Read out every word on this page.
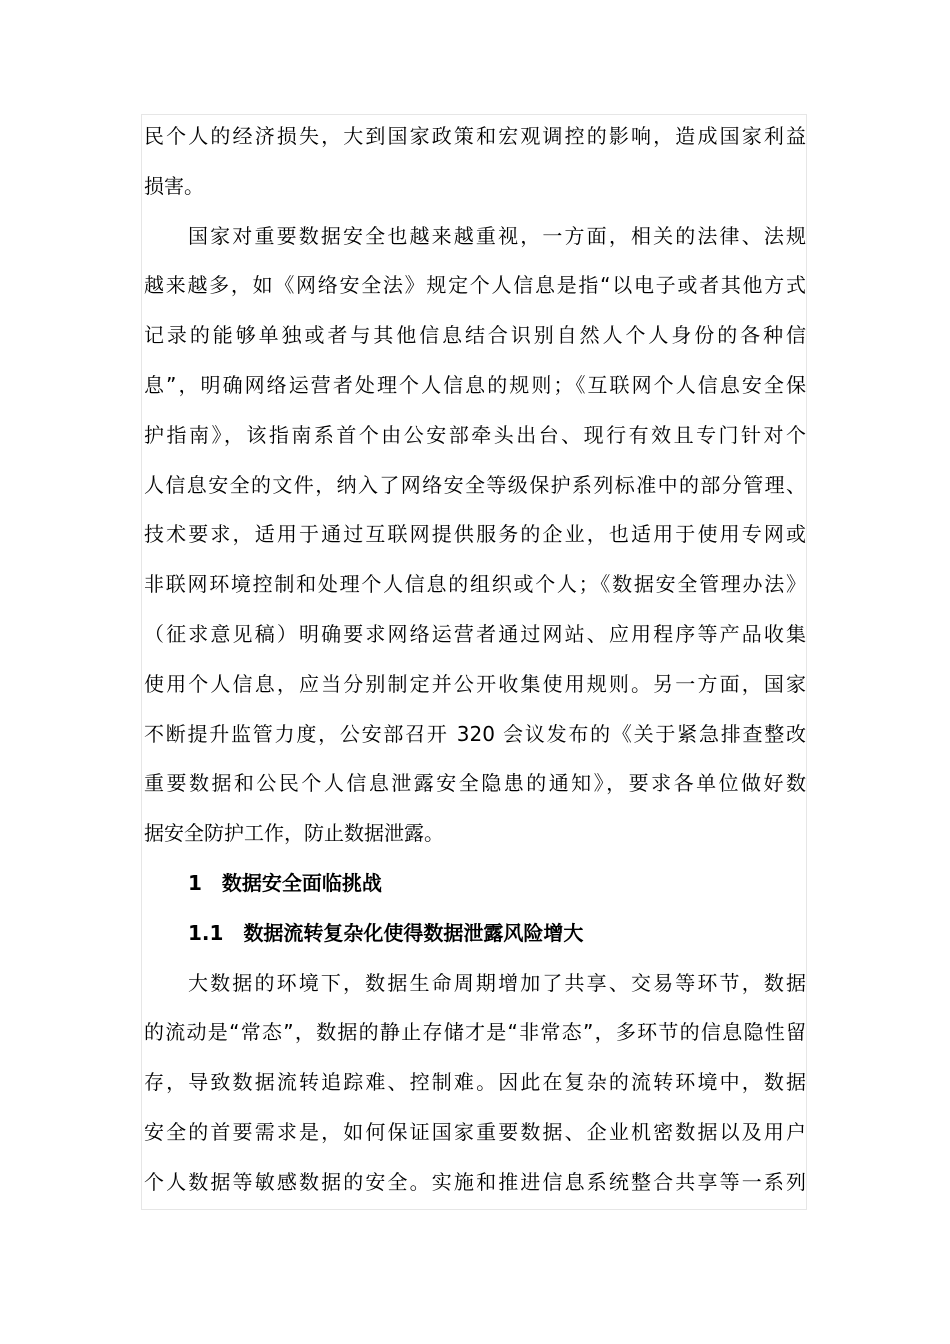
民个人的经济损失，大到国家政策和宏观调控的影响，造成国家利益
损害。
国家对重要数据安全也越来越重视，一方面，相关的法律、法规
越来越多，如《网络安全法》规定个人信息是指“以电子或者其他方式
记录的能够单独或者与其他信息结合识别自然人个人身份的各种信
息”，明确网络运营者处理个人信息的规则；《互联网个人信息安全保
护指南》，该指南系首个由公安部牵头出台、现行有效且专门针对个
人信息安全的文件，纳入了网络安全等级保护系列标准中的部分管理、
技术要求，适用于通过互联网提供服务的企业，也适用于使用专网或
非联网环境控制和处理个人信息的组织或个人；《数据安全管理办法》
（征求意见稿）明确要求网络运营者通过网站、应用程序等产品收集
使用个人信息，应当分别制定并公开收集使用规则。另一方面，国家
不断提升监管力度，公安部召开 320 会议发布的《关于紧急排查整改
重要数据和公民个人信息泄露安全隐患的通知》，要求各单位做好数
据安全防护工作，防止数据泄露。
1 数据安全面临挑战
1.1 数据流转复杂化使得数据泄露风险增大
大数据的环境下，数据生命周期增加了共享、交易等环节，数据
的流动是“常态”，数据的静止存储才是“非常态”，多环节的信息隐性留
存，导致数据流转追踪难、控制难。因此在复杂的流转环境中，数据
安全的首要需求是，如何保证国家重要数据、企业机密数据以及用户
个人数据等敏感数据的安全。实施和推进信息系统整合共享等一系列
